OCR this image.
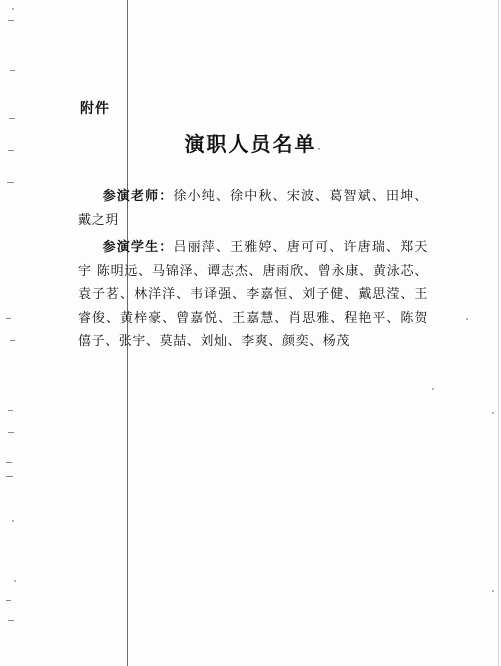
附件
演职人员名单
参演老师：徐小纯、徐中秋、宋波、葛智斌、田坤、戴之玥
参演学生：吕丽萍、王雅婷、唐可可、许唐瑞、郑天宇 陈明远、马锦泽、谭志杰、唐雨欣、曾永康、黄泳芯、袁子茗、林洋洋、韦译强、李嘉恒、刘子健、戴思滢、王睿俊、黄梓豪、曾嘉悦、王嘉慧、肖思雅、程艳平、陈贺僖子、张宇、莫喆、刘灿、李爽、颜奕、杨茂
